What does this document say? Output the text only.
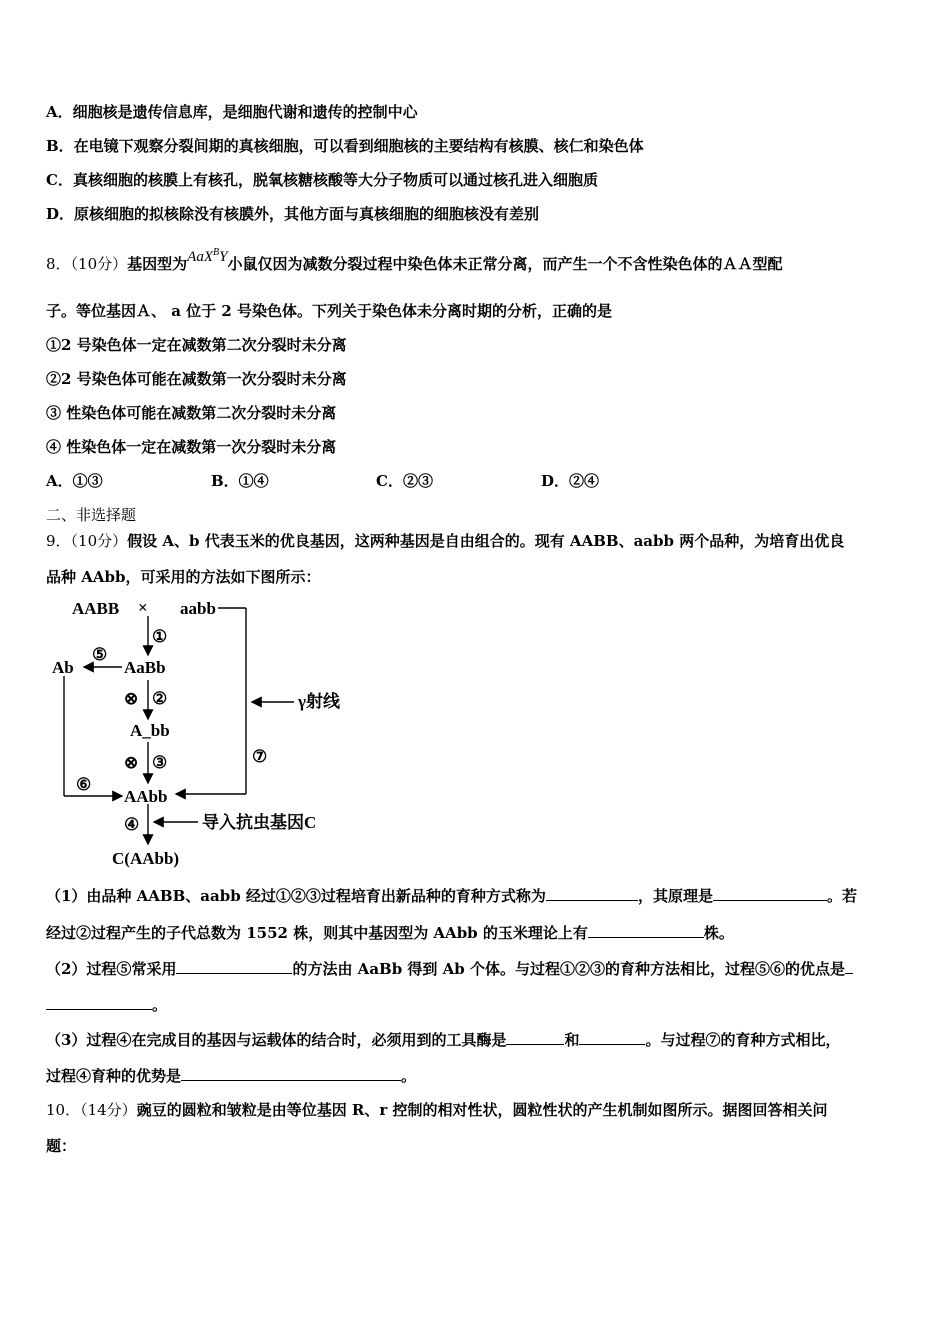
A．细胞核是遗传信息库，是细胞代谢和遗传的控制中心
B．在电镜下观察分裂间期的真核细胞，可以看到细胞核的主要结构有核膜、核仁和染色体
C．真核细胞的核膜上有核孔，脱氧核糖核酸等大分子物质可以通过核孔进入细胞质
D．原核细胞的拟核除没有核膜外，其他方面与真核细胞的细胞核没有差别
8．（10分）基因型为AaX$^B$Y小鼠仅因为减数分裂过程中染色体未正常分离，而产生一个不含性染色体的ＡＡ型配
子。等位基因Ａ、 a 位于 2 号染色体。下列关于染色体未分离时期的分析，正确的是
①2 号染色体一定在减数第二次分裂时未分离
②2 号染色体可能在减数第一次分裂时未分离
③ 性染色体可能在减数第二次分裂时未分离
④ 性染色体一定在减数第一次分裂时未分离
A．①③	B．①④	C．②③	D．②④
二、非选择题
9．（10分）假设 A、b 代表玉米的优良基因，这两种基因是自由组合的。现有 AABB、aabb 两个品种，为培育出优良
品种 AAbb，可采用的方法如下图所示：
AABB × aabb
①
AaBb
Ab
⑤
⊗ ②
A_bb
⊗ ③	⑦
⑥
AAbb
④
γ射线
导入抗虫基因C
C(AAbb)
（1）由品种 AABB、aabb 经过①②③过程培育出新品种的育种方式称为	，其原理是	。若
经过②过程产生的子代总数为 1552 株，则其中基因型为 AAbb 的玉米理论上有	株。
（2）过程⑤常采用	的方法由 AaBb 得到 Ab 个体。与过程①②③的育种方法相比，过程⑤⑥的优点是
。
（3）过程④在完成目的基因与运载体的结合时，必须用到的工具酶是	和	。与过程⑦的育种方式相比，
过程④育种的优势是	。
10．（14分）豌豆的圆粒和皱粒是由等位基因 R、r 控制的相对性状，圆粒性状的产生机制如图所示。据图回答相关问
题：
